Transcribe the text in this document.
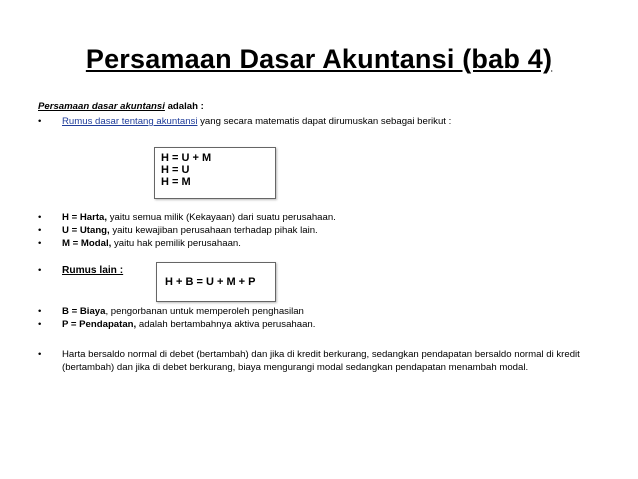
Persamaan Dasar Akuntansi (bab 4)

Persamaan dasar akuntansi adalah :

• Rumus dasar tentang akuntansi yang secara matematis dapat dirumuskan sebagai berikut :
H = U + M
H = U
H = M
• H = Harta, yaitu semua milik (Kekayaan) dari suatu perusahaan.
• U = Utang, yaitu kewajiban perusahaan terhadap pihak lain.
• M = Modal, yaitu hak pemilik perusahaan.
• Rumus lain :
H + B = U + M + P
• B = Biaya, pengorbanan untuk memperoleh penghasilan
• P = Pendapatan, adalah bertambahnya aktiva perusahaan.
• Harta bersaldo normal di debet (bertambah) dan jika di kredit berkurang, sedangkan pendapatan bersaldo normal di kredit (bertambah) dan jika di debet berkurang, biaya mengurangi modal sedangkan pendapatan menambah modal.
